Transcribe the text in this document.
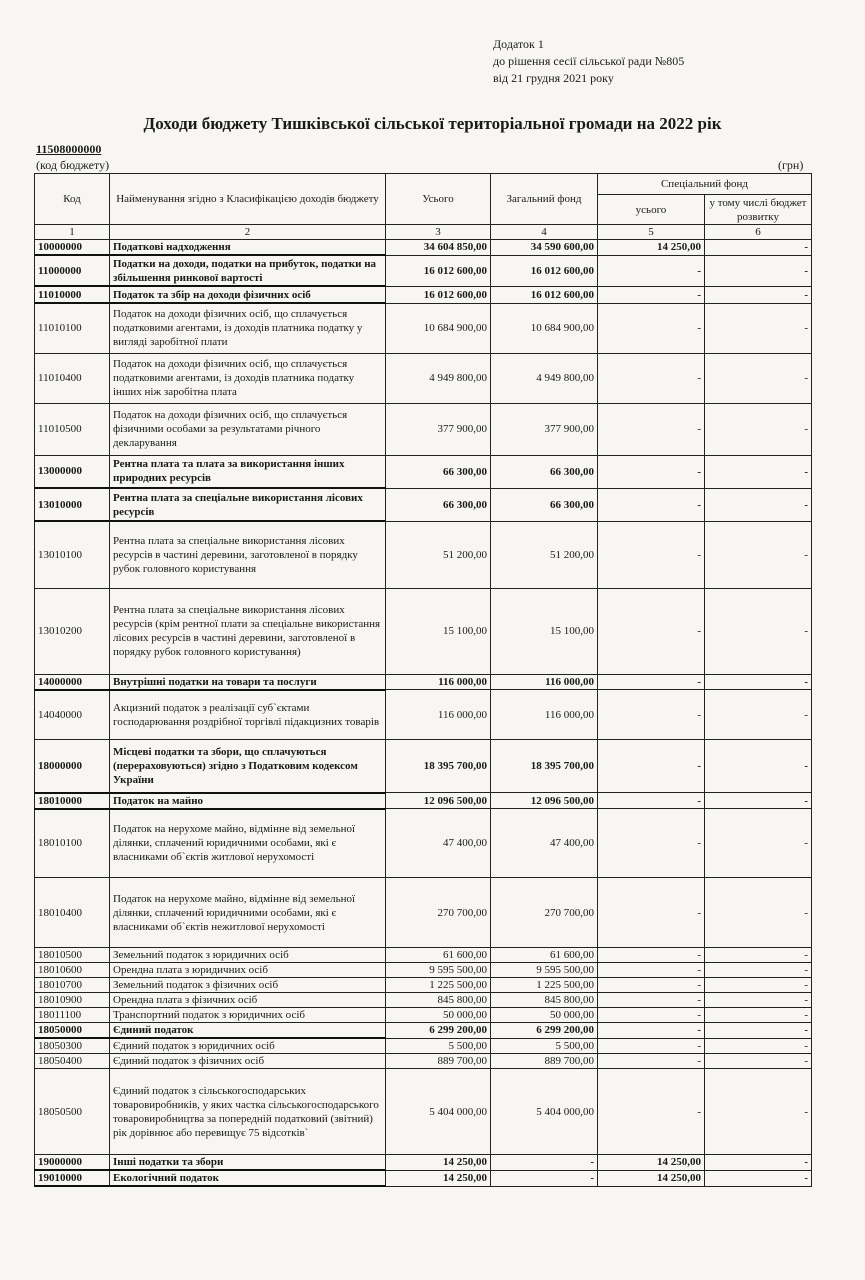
Додаток 1
до рішення сесії сільської ради №805
від 21 грудня 2021 року
Доходи бюджету Тишківської сільської територіальної громади на 2022 рік
11508000000
(код бюджету)	(грн)
Код	Найменування згідно з Класифікацією доходів бюджету	Усього	Загальний фонд	Спеціальний фонд	
				усього	у тому числі бюджет розвитку
1	2	3	4	5	6
10000000	Податкові надходження	34 604 850,00	34 590 600,00	14 250,00	-
11000000	Податки на доходи, податки на прибуток, податки на збільшення ринкової вартості	16 012 600,00	16 012 600,00	-	-
11010000	Податок та збір на доходи фізичних осіб	16 012 600,00	16 012 600,00	-	-
11010100	Податок на доходи фізичних осіб, що сплачується податковими агентами, із доходів платника податку у вигляді заробітної плати	10 684 900,00	10 684 900,00	-	-
11010400	Податок на доходи фізичних осіб, що сплачується податковими агентами, із доходів платника податку інших ніж заробітна плата	4 949 800,00	4 949 800,00	-	-
11010500	Податок на доходи фізичних осіб, що сплачується фізичними особами за результатами річного декларування	377 900,00	377 900,00	-	-
13000000	Рентна плата та плата за використання інших природних ресурсів	66 300,00	66 300,00	-	-
13010000	Рентна плата за спеціальне використання лісових ресурсів	66 300,00	66 300,00	-	-
13010100	Рентна плата за спеціальне використання лісових ресурсів в частині деревини, заготовленої в порядку рубок головного користування	51 200,00	51 200,00	-	-
13010200	Рентна плата за спеціальне використання лісових ресурсів (крім рентної плати за спеціальне використання лісових ресурсів в частині деревини, заготовленої в порядку рубок головного користування)	15 100,00	15 100,00	-	-
14000000	Внутрішні податки на товари та послуги	116 000,00	116 000,00	-	-
14040000	Акцизний податок з реалізації суб`єктами господарювання роздрібної торгівлі підакцизних товарів	116 000,00	116 000,00	-	-
18000000	Місцеві податки та збори, що сплачуються (перераховуються) згідно з Податковим кодексом України	18 395 700,00	18 395 700,00	-	-
18010000	Податок на майно	12 096 500,00	12 096 500,00	-	-
18010100	Податок на нерухоме майно, відмінне від земельної ділянки, сплачений юридичними особами, які є власниками об`єктів житлової нерухомості	47 400,00	47 400,00	-	-
18010400	Податок на нерухоме майно, відмінне від земельної ділянки, сплачений юридичними особами, які є власниками об`єктів нежитлової нерухомості	270 700,00	270 700,00	-	-
18010500	Земельний податок з юридичних осіб	61 600,00	61 600,00	-	-
18010600	Орендна плата з юридичних осіб	9 595 500,00	9 595 500,00	-	-
18010700	Земельний податок з фізичних осіб	1 225 500,00	1 225 500,00	-	-
18010900	Орендна плата з фізичних осіб	845 800,00	845 800,00	-	-
18011100	Транспортний податок з юридичних осіб	50 000,00	50 000,00	-	-
18050000	Єдиний податок	6 299 200,00	6 299 200,00	-	-
18050300	Єдиний податок з юридичних осіб	5 500,00	5 500,00	-	-
18050400	Єдиний податок з фізичних осіб	889 700,00	889 700,00	-	-
18050500	Єдиний податок з сільськогосподарських товаровиробників, у яких частка сільськогосподарського товаровиробництва за попередній податковий (звітний) рік дорівнює або перевищує 75 відсотків`	5 404 000,00	5 404 000,00	-	-
19000000	Інші податки та збори	14 250,00	-	14 250,00	-
19010000	Екологічний податок	14 250,00	-	14 250,00	-
